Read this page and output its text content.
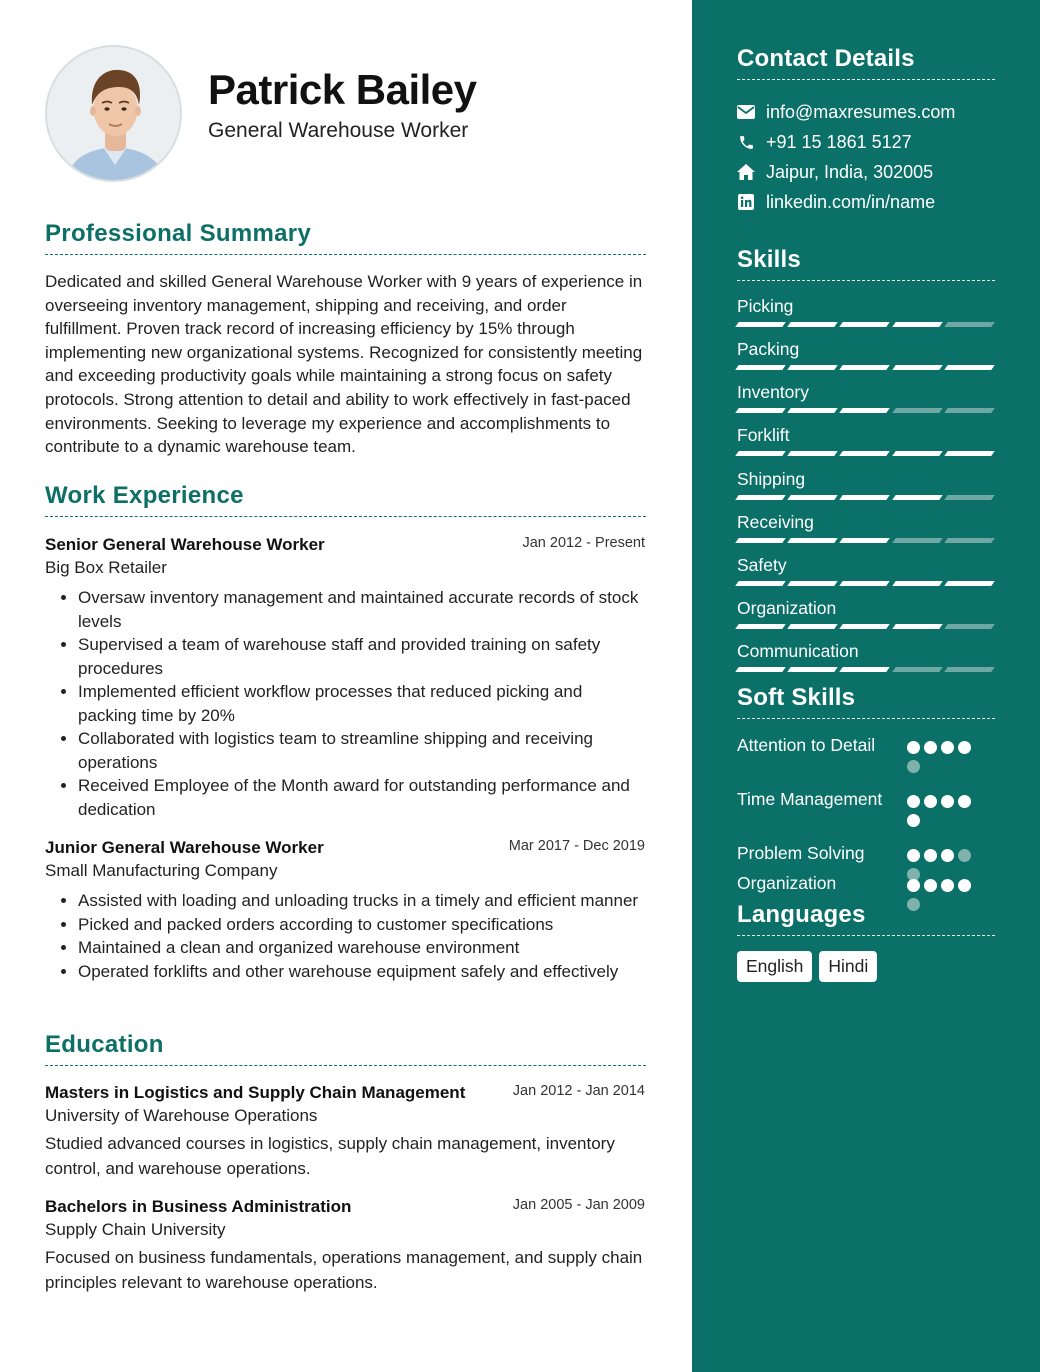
Patrick Bailey
General Warehouse Worker
Professional Summary
Dedicated and skilled General Warehouse Worker with 9 years of experience in overseeing inventory management, shipping and receiving, and order fulfillment. Proven track record of increasing efficiency by 15% through implementing new organizational systems. Recognized for consistently meeting and exceeding productivity goals while maintaining a strong focus on safety protocols. Strong attention to detail and ability to work effectively in fast-paced environments. Seeking to leverage my experience and accomplishments to contribute to a dynamic warehouse team.
Work Experience
Senior General Warehouse Worker	Jan 2012 - Present
Big Box Retailer
• Oversaw inventory management and maintained accurate records of stock levels
• Supervised a team of warehouse staff and provided training on safety procedures
• Implemented efficient workflow processes that reduced picking and packing time by 20%
• Collaborated with logistics team to streamline shipping and receiving operations
• Received Employee of the Month award for outstanding performance and dedication
Junior General Warehouse Worker	Mar 2017 - Dec 2019
Small Manufacturing Company
• Assisted with loading and unloading trucks in a timely and efficient manner
• Picked and packed orders according to customer specifications
• Maintained a clean and organized warehouse environment
• Operated forklifts and other warehouse equipment safely and effectively
Education
Masters in Logistics and Supply Chain Management	Jan 2012 - Jan 2014
University of Warehouse Operations
Studied advanced courses in logistics, supply chain management, inventory control, and warehouse operations.
Bachelors in Business Administration	Jan 2005 - Jan 2009
Supply Chain University
Focused on business fundamentals, operations management, and supply chain principles relevant to warehouse operations.
Contact Details
info@maxresumes.com
+91 15 1861 5127
Jaipur, India, 302005
linkedin.com/in/name
Skills
Picking
Packing
Inventory
Forklift
Shipping
Receiving
Safety
Organization
Communication
Soft Skills
Attention to Detail
Time Management
Problem Solving
Organization
Languages
English	Hindi
